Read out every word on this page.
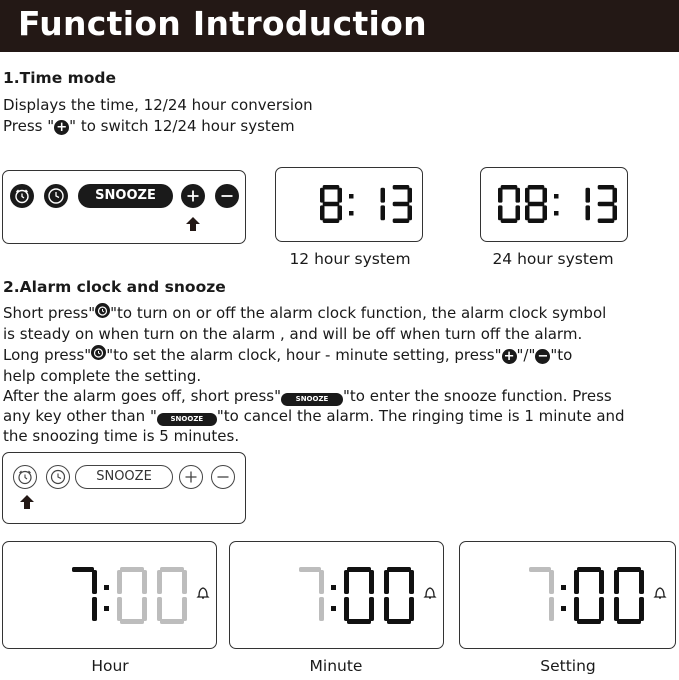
Function Introduction
1.Time mode
Displays the time, 12/24 hour conversion
Press " + " to switch 12/24 hour system
SNOOZE
12 hour system	24 hour system
2.Alarm clock and snooze
Short press" "to turn on or off the alarm clock function, the alarm clock symbol
is steady on when turn on the alarm , and will be off when turn off the alarm.
Long press" "to set the alarm clock, hour - minute setting, press" + "/" − "to
help complete the setting.
After the alarm goes off, short press" SNOOZE "to enter the snooze function. Press
any key other than " SNOOZE "to cancel the alarm. The ringing time is 1 minute and
the snoozing time is 5 minutes.
SNOOZE
Hour	Minute	Setting
